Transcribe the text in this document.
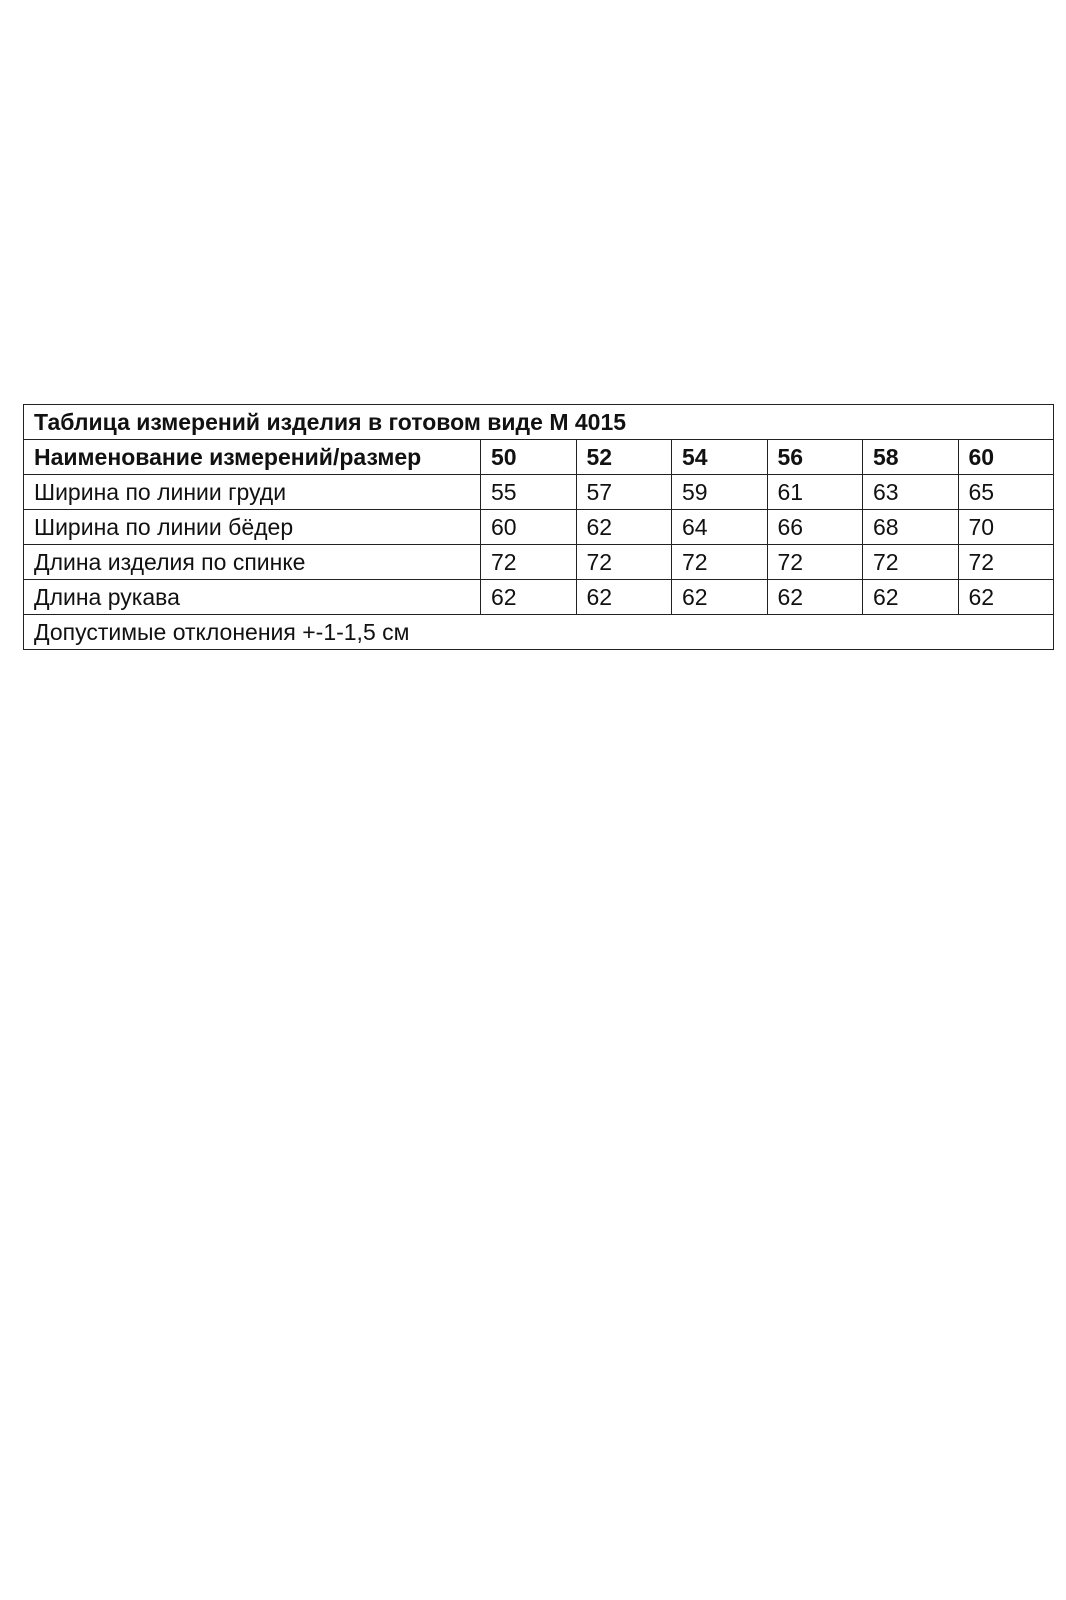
Таблица измерений изделия в готовом виде М 4015						
Наименование измерений/размер	50	52	54	56	58	60
Ширина по линии груди	55	57	59	61	63	65
Ширина по линии бёдер	60	62	64	66	68	70
Длина изделия по спинке	72	72	72	72	72	72
Длина рукава	62	62	62	62	62	62
Допустимые отклонения +-1-1,5 см						
